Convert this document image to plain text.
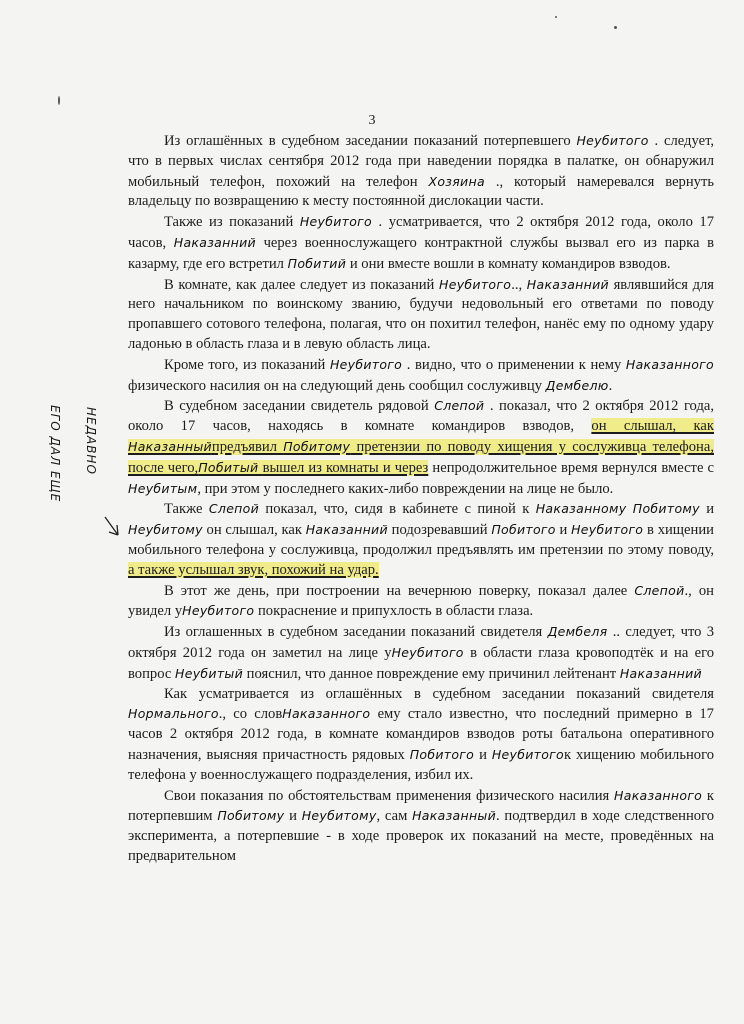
3
ЕГО ДАЛ ЕЩЕ НЕДАВНО

Из оглашённых в судебном заседании показаний потерпевшего Неубитого . следует, что в первых числах сентября 2012 года при наведении порядка в палатке, он обнаружил мобильный телефон, похожий на телефон Хозяина ., который намеревался вернуть владельцу по возвращению к месту постоянной дислокации части.

Также из показаний Неубитого . усматривается, что 2 октября 2012 года, около 17 часов, Наказанний через военнослужащего контрактной службы вызвал его из парка в казарму, где его встретил Побитий и они вместе вошли в комнату командиров взводов.

В комнате, как далее следует из показаний Неубитого.., Наказанний являвшийся для него начальником по воинскому званию, будучи недовольный его ответами по поводу пропавшего сотового телефона, полагая, что он похитил телефон, нанёс ему по одному удару ладонью в область глаза и в левую область лица.

Кроме того, из показаний Неубитого . видно, что о применении к нему Наказанного физического насилия он на следующий день сообщил сослуживцу Дембелю.

В судебном заседании свидетель рядовой Слепой . показал, что 2 октября 2012 года, около 17 часов, находясь в комнате командиров взводов, он слышал, как Наказанныйпредъявил Побитому претензии по поводу хищения у сослуживца телефона, после чего,Побитый вышел из комнаты и через непродолжительное время вернулся вместе с Неубитым, при этом у последнего каких-либо повреждении на лице не было.

Также Слепой показал, что, сидя в кабинете с пиной к Наказанному Побитому и Неубитому он слышал, как Наказанний подозревавший Побитого и Неубитого в хищении мобильного телефона у сослуживца, продолжил предъявлять им претензии по этому поводу, а также услышал звук, похожий на удар.

В этот же день, при построении на вечернюю поверку, показал далее Слепой., он увидел уНеубитого покраснение и припухлость в области глаза.

Из оглашенных в судебном заседании показаний свидетеля Дембеля .. следует, что 3 октября 2012 года он заметил на лице уНеубитого в области глаза кровоподтёк и на его вопрос Неубитый пояснил, что данное повреждение ему причинил лейтенант Наказанний

Как усматривается из оглашённых в судебном заседании показаний свидетеля Нормального., со словНаказанного ему стало известно, что последний примерно в 17 часов 2 октября 2012 года, в комнате командиров взводов роты батальона оперативного назначения, выясняя причастность рядовых Побитого и Неубитогок хищению мобильного телефона у военнослужащего подразделения, избил их.

Свои показания по обстоятельствам применения физического насилия Наказанного к потерпевшим Побитому и Неубитому, сам Наказанный. подтвердил в ходе следственного эксперимента, а потерпевшие - в ходе проверок их показаний на месте, проведённых на предварительном
